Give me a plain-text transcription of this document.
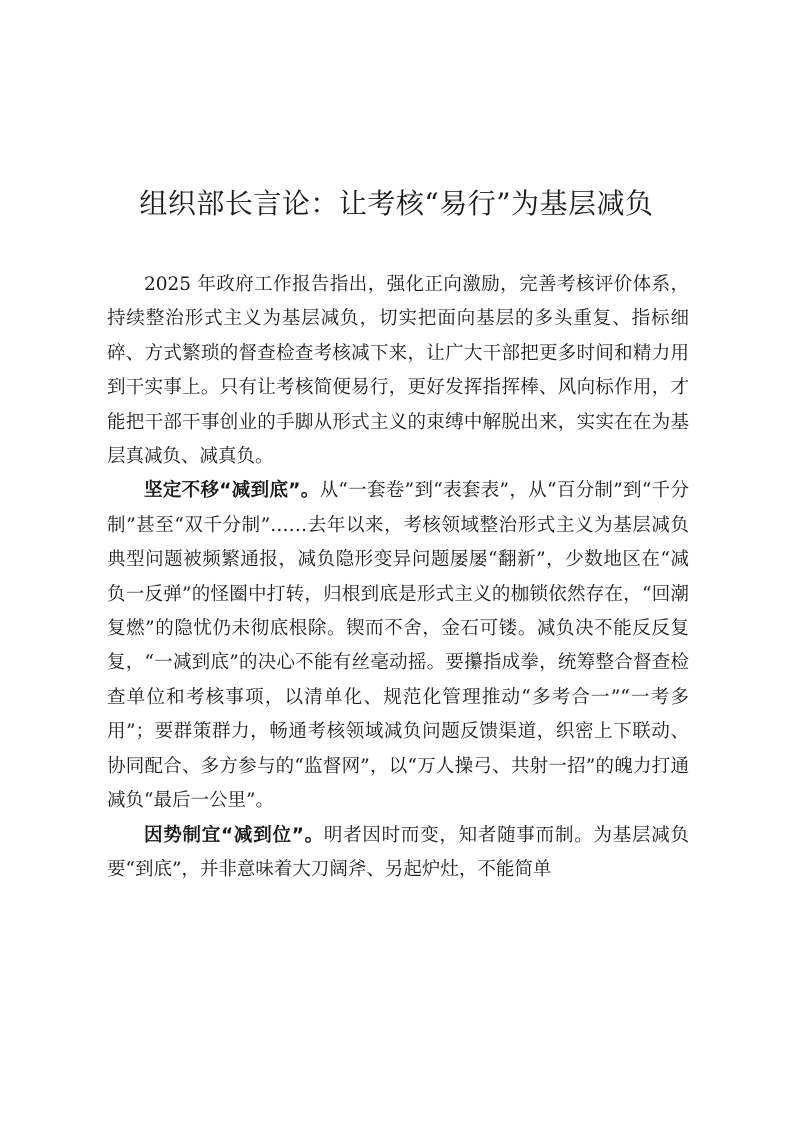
组织部长言论：让考核“易行”为基层减负

2025 年政府工作报告指出，强化正向激励，完善考核评价体系，持续整治形式主义为基层减负，切实把面向基层的多头重复、指标细碎、方式繁琐的督查检查考核减下来，让广大干部把更多时间和精力用到干实事上。只有让考核简便易行，更好发挥指挥棒、风向标作用，才能把干部干事创业的手脚从形式主义的束缚中解脱出来，实实在在为基层真减负、减真负。

坚定不移“减到底”。从“一套卷”到“表套表”，从“百分制”到“千分制”甚至“双千分制”……去年以来，考核领域整治形式主义为基层减负典型问题被频繁通报，减负隐形变异问题屡屡“翻新”，少数地区在“减负一反弹”的怪圈中打转，归根到底是形式主义的枷锁依然存在，“回潮复燃”的隐忧仍未彻底根除。锲而不舍，金石可镂。减负决不能反反复复，“一减到底”的决心不能有丝毫动摇。要攥指成拳，统筹整合督查检查单位和考核事项，以清单化、规范化管理推动“多考合一”“一考多用”；要群策群力，畅通考核领域减负问题反馈渠道，织密上下联动、协同配合、多方参与的“监督网”，以“万人操弓、共射一招”的魄力打通减负“最后一公里”。

因势制宜“减到位”。明者因时而变，知者随事而制。为基层减负要“到底”，并非意味着大刀阔斧、另起炉灶，不能简单
